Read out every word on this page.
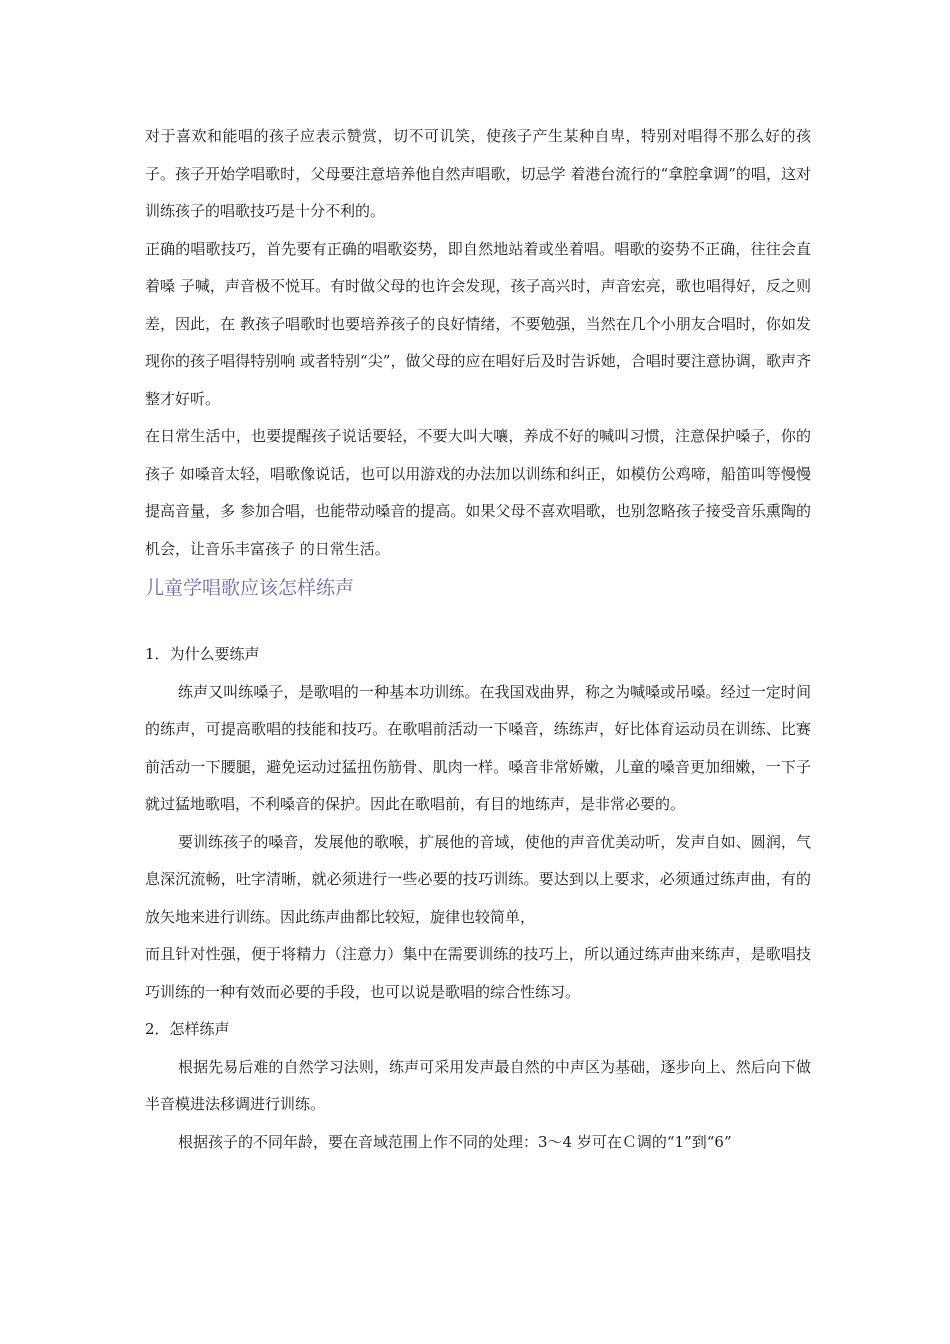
对于喜欢和能唱的孩子应表示赞赏，切不可讥笑，使孩子产生某种自卑，特别对唱得不那么好的孩子。孩子开始学唱歌时，父母要注意培养他自然声唱歌，切忌学 着港台流行的“拿腔拿调”的唱，这对训练孩子的唱歌技巧是十分不利的。

正确的唱歌技巧，首先要有正确的唱歌姿势，即自然地站着或坐着唱。唱歌的姿势不正确，往往会直着嗓 子喊，声音极不悦耳。有时做父母的也许会发现，孩子高兴时，声音宏亮，歌也唱得好，反之则差，因此，在 教孩子唱歌时也要培养孩子的良好情绪，不要勉强，当然在几个小朋友合唱时，你如发现你的孩子唱得特别响 或者特别“尖”，做父母的应在唱好后及时告诉她，合唱时要注意协调，歌声齐整才好听。

在日常生活中，也要提醒孩子说话要轻，不要大叫大嚷，养成不好的喊叫习惯，注意保护嗓子，你的孩子 如嗓音太轻，唱歌像说话，也可以用游戏的办法加以训练和纠正，如模仿公鸡啼，船笛叫等慢慢提高音量，多 参加合唱，也能带动嗓音的提高。如果父母不喜欢唱歌，也别忽略孩子接受音乐熏陶的机会，让音乐丰富孩子 的日常生活。

儿童学唱歌应该怎样练声

1．为什么要练声

练声又叫练嗓子，是歌唱的一种基本功训练。在我国戏曲界，称之为喊嗓或吊嗓。经过一定时间的练声，可提高歌唱的技能和技巧。在歌唱前活动一下嗓音，练练声，好比体育运动员在训练、比赛前活动一下腰腿，避免运动过猛扭伤筋骨、肌肉一样。嗓音非常娇嫩，儿童的嗓音更加细嫩，一下子就过猛地歌唱，不利嗓音的保护。因此在歌唱前，有目的地练声，是非常必要的。

要训练孩子的嗓音，发展他的歌喉，扩展他的音域，使他的声音优美动听，发声自如、圆润，气息深沉流畅，吐字清晰，就必须进行一些必要的技巧训练。要达到以上要求，必须通过练声曲，有的放矢地来进行训练。因此练声曲都比较短，旋律也较简单，

而且针对性强，便于将精力（注意力）集中在需要训练的技巧上，所以通过练声曲来练声，是歌唱技巧训练的一种有效而必要的手段，也可以说是歌唱的综合性练习。

2．怎样练声

根据先易后难的自然学习法则，练声可采用发声最自然的中声区为基础，逐步向上、然后向下做半音模进法移调进行训练。

根据孩子的不同年龄，要在音域范围上作不同的处理：3～4 岁可在Ｃ调的“1”到“6”
